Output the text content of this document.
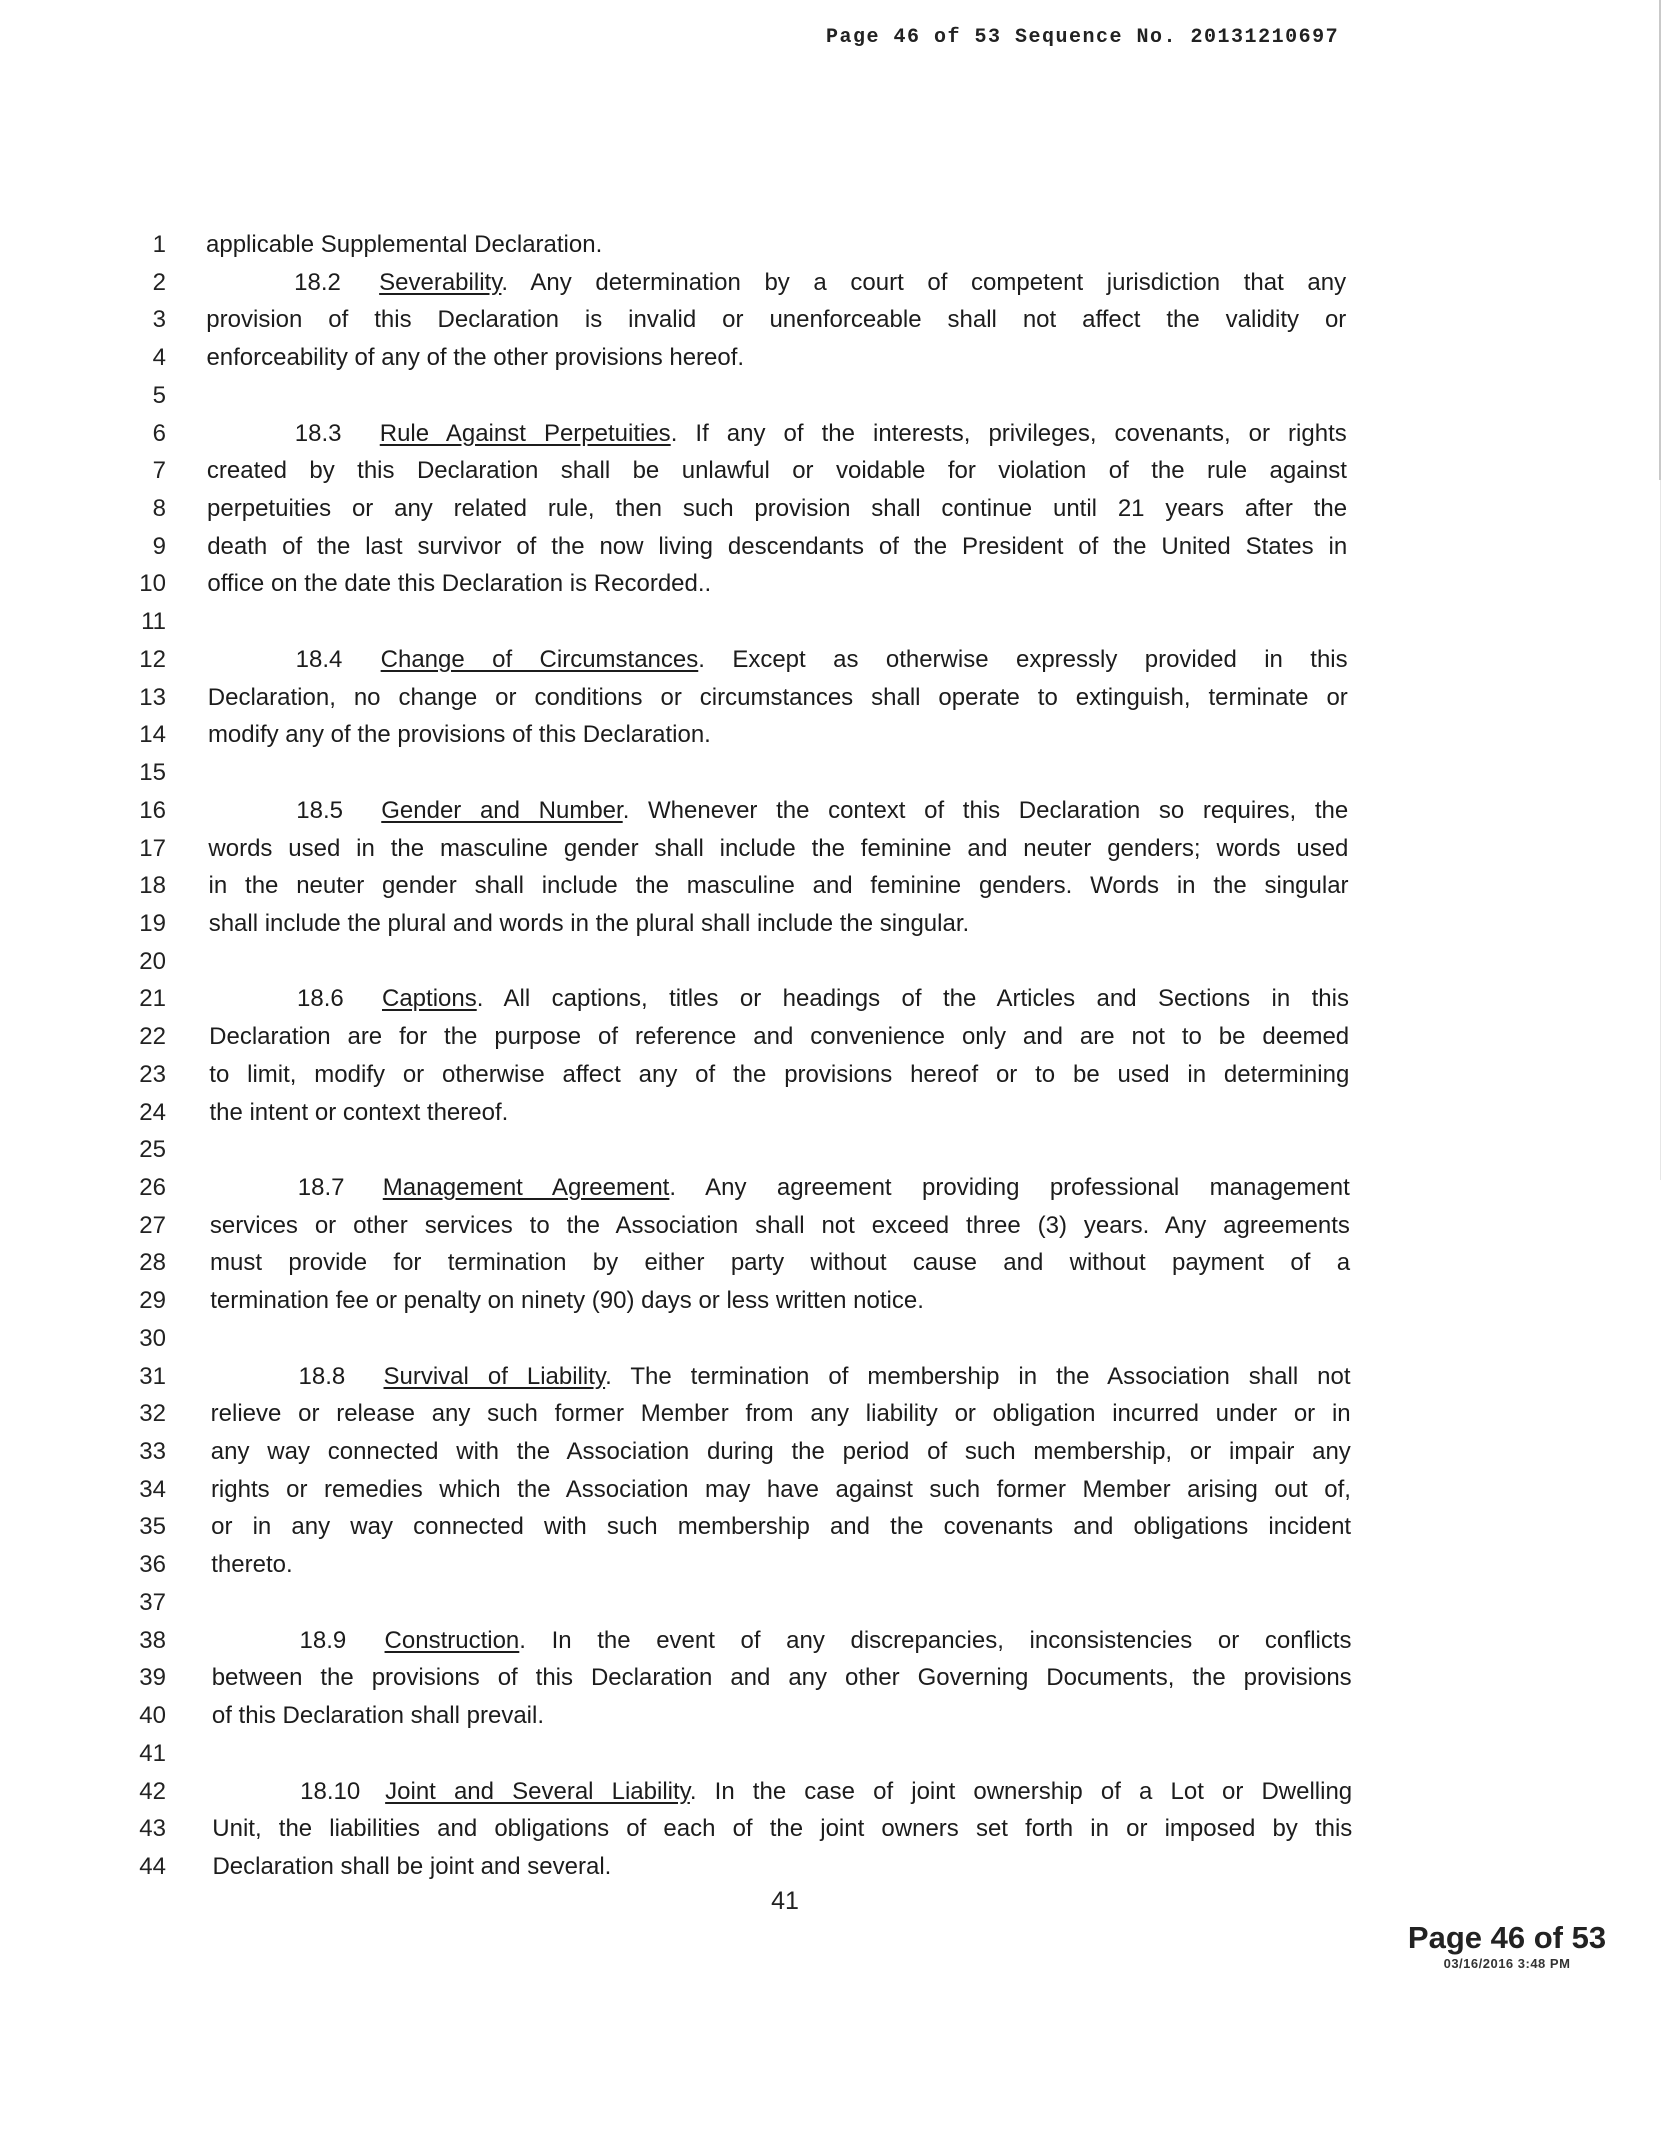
Page 46 of 53 Sequence No. 20131210697
1 applicable Supplemental Declaration.
2	18.2 Severability. Any determination by a court of competent jurisdiction that any
3 provision of this Declaration is invalid or unenforceable shall not affect the validity or
4 enforceability of any of the other provisions hereof.
5
6	18.3 Rule Against Perpetuities. If any of the interests, privileges, covenants, or rights
7 created by this Declaration shall be unlawful or voidable for violation of the rule against
8 perpetuities or any related rule, then such provision shall continue until 21 years after the
9 death of the last survivor of the now living descendants of the President of the United States in
10 office on the date this Declaration is Recorded..
11
12	18.4 Change of Circumstances. Except as otherwise expressly provided in this
13 Declaration, no change or conditions or circumstances shall operate to extinguish, terminate or
14 modify any of the provisions of this Declaration.
15
16	18.5 Gender and Number. Whenever the context of this Declaration so requires, the
17 words used in the masculine gender shall include the feminine and neuter genders; words used
18 in the neuter gender shall include the masculine and feminine genders. Words in the singular
19 shall include the plural and words in the plural shall include the singular.
20
21	18.6 Captions. All captions, titles or headings of the Articles and Sections in this
22 Declaration are for the purpose of reference and convenience only and are not to be deemed
23 to limit, modify or otherwise affect any of the provisions hereof or to be used in determining
24 the intent or context thereof.
25
26	18.7 Management Agreement. Any agreement providing professional management
27 services or other services to the Association shall not exceed three (3) years. Any agreements
28 must provide for termination by either party without cause and without payment of a
29 termination fee or penalty on ninety (90) days or less written notice.
30
31	18.8 Survival of Liability. The termination of membership in the Association shall not
32 relieve or release any such former Member from any liability or obligation incurred under or in
33 any way connected with the Association during the period of such membership, or impair any
34 rights or remedies which the Association may have against such former Member arising out of,
35 or in any way connected with such membership and the covenants and obligations incident
36 thereto.
37
38	18.9 Construction. In the event of any discrepancies, inconsistencies or conflicts
39 between the provisions of this Declaration and any other Governing Documents, the provisions
40 of this Declaration shall prevail.
41
42	18.10 Joint and Several Liability. In the case of joint ownership of a Lot or Dwelling
43 Unit, the liabilities and obligations of each of the joint owners set forth in or imposed by this
44 Declaration shall be joint and several.
41
Page 46 of 53
03/16/2016 3:48 PM
